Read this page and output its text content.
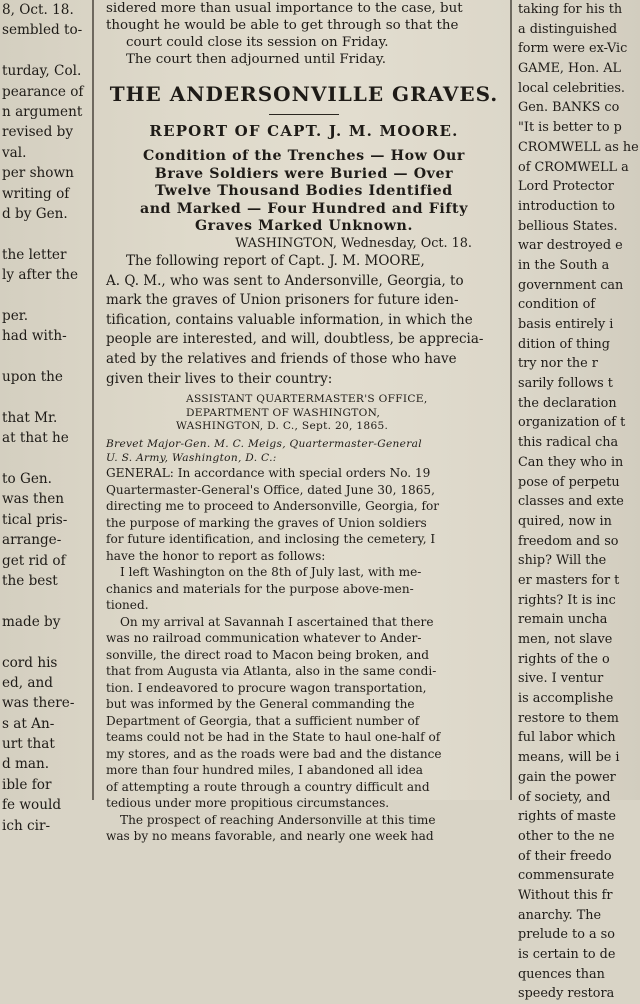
8, Oct. 18.
sembled to-
turday, Col.
pearance of
n argument
revised by
val.
per shown
writing of
d by Gen.
the letter
ly after the
per.
had with-
upon the
that Mr.
at that he
to Gen.
was then
tical pris-
arrange-
get rid of
the best
made by
cord his
ed, and
was there-
s at An-
urt that
d man.
ible for
fe would
ich cir-
sidered more than usual importance to the case, but
thought he would be able to get through so that the
court could close its session on Friday.
The court then adjourned until Friday.
THE ANDERSONVILLE GRAVES.
REPORT OF CAPT. J. M. MOORE.
Condition of the Trenches — How Our
Brave Soldiers were Buried — Over
Twelve Thousand Bodies Identified
and Marked — Four Hundred and Fifty
Graves Marked Unknown.
WASHINGTON, Wednesday, Oct. 18.
The following report of Capt. J. M. MOORE,
A. Q. M., who was sent to Andersonville, Georgia, to
mark the graves of Union prisoners for future iden-
tification, contains valuable information, in which the
people are interested, and will, doubtless, be apprecia-
ated by the relatives and friends of those who have
given their lives to their country:
ASSISTANT QUARTERMASTER'S OFFICE,
DEPARTMENT OF WASHINGTON,
WASHINGTON, D. C., Sept. 20, 1865.
Brevet Major-Gen. M. C. Meigs, Quartermaster-General
U. S. Army, Washington, D. C.:
GENERAL: In accordance with special orders No. 19
Quartermaster-General's Office, dated June 30, 1865,
directing me to proceed to Andersonville, Georgia, for
the purpose of marking the graves of Union soldiers
for future identification, and inclosing the cemetery, I
have the honor to report as follows:
I left Washington on the 8th of July last, with me-
chanics and materials for the purpose above-men-
tioned.
On my arrival at Savannah I ascertained that there
was no railroad communication whatever to Ander-
sonville, the direct road to Macon being broken, and
that from Augusta via Atlanta, also in the same condi-
tion. I endeavored to procure wagon transportation,
but was informed by the General commanding the
Department of Georgia, that a sufficient number of
teams could not be had in the State to haul one-half of
my stores, and as the roads were bad and the distance
more than four hundred miles, I abandoned all idea
of attempting a route through a country difficult and
tedious under more propitious circumstances.
The prospect of reaching Andersonville at this time
was by no means favorable, and nearly one week had
taking for his th
a distinguished
form were ex-Vic
GAME, Hon. AL
local celebrities.
Gen. BANKS co
"It is better to p
CROMWELL as he
of CROMWELL a
Lord Protector
introduction to
bellious States.
war destroyed e
in the South a
government can
condition of
basis entirely i
dition of thing
try nor the r
sarily follows t
the declaration
organization of t
this radical cha
Can they who in
pose of perpetu
classes and exte
quired, now in
freedom and so
ship? Will the
er masters for t
rights? It is inc
remain uncha
men, not slave
rights of the o
sive. I ventur
is accomplishe
restore to them
ful labor which
means, will be i
gain the power
of society, and
rights of maste
other to the ne
of their freedo
commensurate
Without this fr
anarchy. The
prelude to a so
is certain to de
quences than
speedy restora
